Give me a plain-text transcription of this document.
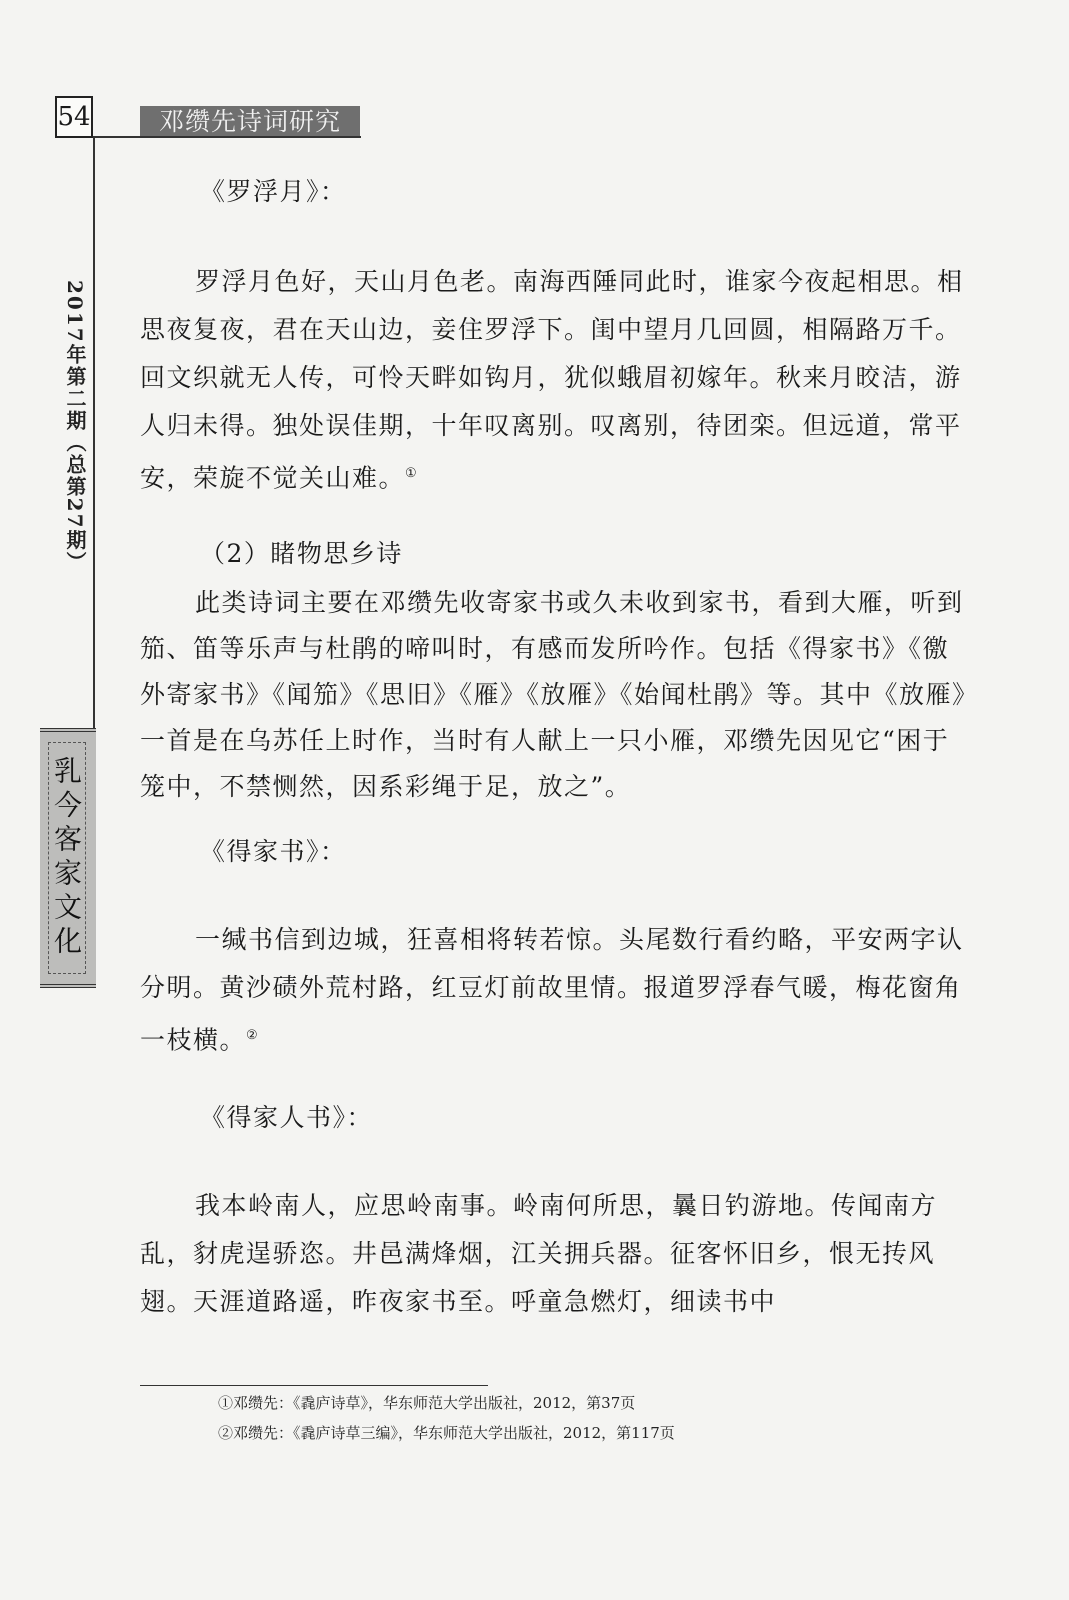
54	邓缵先诗词研究
2017年第二期（总第27期）
乳今客家文化
《罗浮月》：
罗浮月色好，天山月色老。南海西陲同此时，谁家今夜起相思。相思夜复夜，君在天山边，妾住罗浮下。闺中望月几回圆，相隔路万千。回文织就无人传，可怜天畔如钩月，犹似蛾眉初嫁年。秋来月晈洁，游人归未得。独处误佳期，十年叹离别。叹离别，待团栾。但远道，常平安，荣旋不觉关山难。①
（2）睹物思乡诗
此类诗词主要在邓缵先收寄家书或久未收到家书，看到大雁，听到笳、笛等乐声与杜鹃的啼叫时，有感而发所吟作。包括《得家书》《徼外寄家书》《闻笳》《思旧》《雁》《放雁》《始闻杜鹃》等。其中《放雁》一首是在乌苏任上时作，当时有人献上一只小雁，邓缵先因见它“困于笼中，不禁恻然，因系彩绳于足，放之”。
《得家书》：
一缄书信到边城，狂喜相将转若惊。头尾数行看约略，平安两字认分明。黄沙碛外荒村路，红豆灯前故里情。报道罗浮春气暖，梅花窗角一枝横。②
《得家人书》：
我本岭南人，应思岭南事。岭南何所思，曩日钓游地。传闻南方乱，豺虎逞骄恣。井邑满烽烟，江关拥兵器。征客怀旧乡，恨无抟风翅。天涯道路遥，昨夜家书至。呼童急燃灯，细读书中
①邓缵先：《毳庐诗草》，华东师范大学出版社，2012，第37页
②邓缵先：《毳庐诗草三编》，华东师范大学出版社，2012，第117页
